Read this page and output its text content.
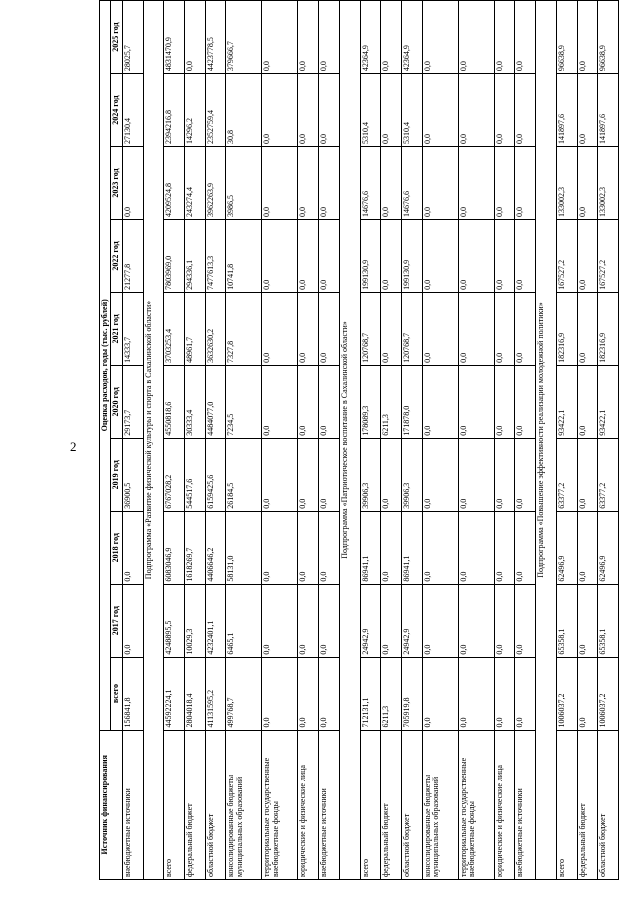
2
Источник финансирования	Оценка расходов, годы (тыс. рублей)									
	всего	2017 год	2018 год	2019 год	2020 год	2021 год	2022 год	2023 год	2024 год	2025 год
внебюджетные источники	156841,8	0,0	0,0	36900,5	29173,7	14333,7	21277,8	0,0	27130,4	28025,7
Подпрограмма «Развитие физической культуры и спорта в Сахалинской области»										
всего	44592224,1	4248895,5	6083046,9	6767028,2	4550818,6	3703253,4	7803969,0	4209524,8	2394216,8	4831470,9
федеральный бюджет	2804018,4	10029,3	1618269,7	544517,6	30333,4	48961,7	294336,1	243274,4	14296,2	0,0
областной бюджет	41131595,2	4232401,1	4406646,2	6159425,6	4484077,0	3632630,2	7477613,3	3962263,9	2352759,4	4423778,5
консолидированные бюджеты муниципальных образований	499768,7	6465,1	58131,0	26184,5	7234,5	7327,8	10741,8	3986,5	30,8	379666,7
территориальные государственные внебюджетные фонды	0,0	0,0	0,0	0,0	0,0	0,0	0,0	0,0	0,0	0,0
юридические и физические лица	0,0	0,0	0,0	0,0	0,0	0,0	0,0	0,0	0,0	0,0
внебюджетные источники	0,0	0,0	0,0	0,0	0,0	0,0	0,0	0,0	0,0	0,0
Подпрограмма «Патриотическое воспитание в Сахалинской области»										
всего	712131,1	24942,9	86941,1	39906,3	178089,3	120768,7	199130,9	14676,6	5310,4	42364,9
федеральный бюджет	6211,3	0,0	0,0	0,0	6211,3	0,0	0,0	0,0	0,0	0,0
областной бюджет	705919,8	24942,9	86941,1	39906,3	171878,0	120768,7	199130,9	14676,6	5310,4	42364,9
консолидированные бюджеты муниципальных образований	0,0	0,0	0,0	0,0	0,0	0,0	0,0	0,0	0,0	0,0
территориальные государственные внебюджетные фонды	0,0	0,0	0,0	0,0	0,0	0,0	0,0	0,0	0,0	0,0
юридические и физические лица	0,0	0,0	0,0	0,0	0,0	0,0	0,0	0,0	0,0	0,0
внебюджетные источники	0,0	0,0	0,0	0,0	0,0	0,0	0,0	0,0	0,0	0,0
Подпрограмма «Повышение эффективности реализации молодежной политики»										
всего	1006037,2	65358,1	62496,9	63377,2	93422,1	182316,9	167527,2	133002,3	141897,6	96638,9
федеральный бюджет	0,0	0,0	0,0	0,0	0,0	0,0	0,0	0,0	0,0	0,0
областной бюджет	1006037,2	65358,1	62496,9	63377,2	93422,1	182316,9	167527,2	133002,3	141897,6	96638,9
